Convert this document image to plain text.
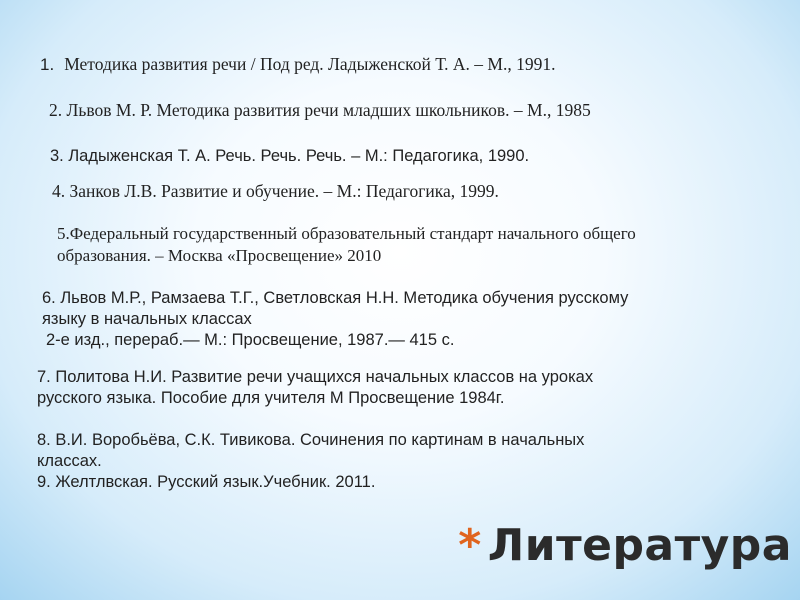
1. Методика развития речи / Под ред. Ладыженской Т. А. – М., 1991.

2. Львов М. Р. Методика развития речи младших школьников. – М., 1985

3. Ладыженская Т. А. Речь. Речь. Речь. – М.: Педагогика, 1990.

4. Занков Л.В. Развитие и обучение. – М.: Педагогика, 1999.

5.Федеральный государственный образовательный стандарт начального общего
образования. – Москва «Просвещение» 2010
6. Львов М.Р., Рамзаева Т.Г., Светловская Н.Н. Методика обучения русскому
языку в начальных классах
2-е изд., перераб.— М.: Просвещение, 1987.— 415 с.
7. Политова Н.И. Развитие речи учащихся начальных классов на уроках
русского языка. Пособие для учителя М Просвещение 1984г.
8. В.И. Воробьёва, С.К. Тивикова. Сочинения по картинам в начальных
классах.
9. Желтлвская. Русский язык.Учебник. 2011.
* Литература
